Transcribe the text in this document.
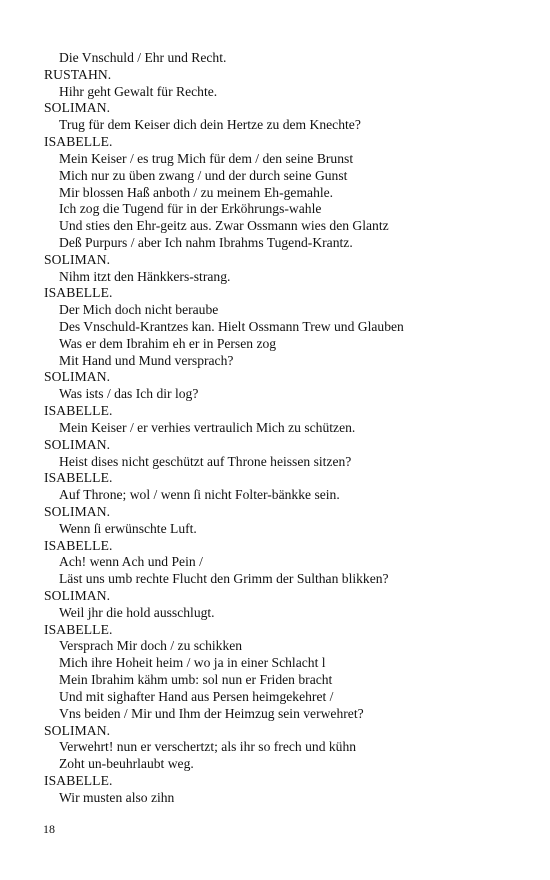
Die Vnschuld / Ehr und Recht.
RUSTAHN.
Hihr geht Gewalt für Rechte.
SOLIMAN.
Trug für dem Keiser dich dein Hertze zu dem Knechte?
ISABELLE.
Mein Keiser / es trug Mich für dem / den seine Brunst
Mich nur zu üben zwang / und der durch seine Gunst
Mir blossen Haß anboth / zu meinem Eh-gemahle.
Ich zog die Tugend für in der Erköhrungs-wahle
Und sties den Ehr-geitz aus. Zwar Ossmann wies den Glantz
Deß Purpurs / aber Ich nahm Ibrahms Tugend-Krantz.
SOLIMAN.
Nihm itzt den Hänkkers-strang.
ISABELLE.
Der Mich doch nicht beraube
Des Vnschuld-Krantzes kan. Hielt Ossmann Trew und Glauben
Was er dem Ibrahim eh er in Persen zog
Mit Hand und Mund versprach?
SOLIMAN.
Was ists / das Ich dir log?
ISABELLE.
Mein Keiser / er verhies vertraulich Mich zu schützen.
SOLIMAN.
Heist dises nicht geschützt auf Throne heissen sitzen?
ISABELLE.
Auf Throne; wol / wenn ſi nicht Folter-bänkke sein.
SOLIMAN.
Wenn ſi erwünschte Luft.
ISABELLE.
Ach! wenn Ach und Pein /
Läst uns umb rechte Flucht den Grimm der Sulthan blikken?
SOLIMAN.
Weil jhr die hold ausschlugt.
ISABELLE.
Versprach Mir doch / zu schikken
Mich ihre Hoheit heim / wo ja in einer Schlacht l
Mein Ibrahim kähm umb: sol nun er Friden bracht
Und mit sighafter Hand aus Persen heimgekehret /
Vns beiden / Mir und Ihm der Heimzug sein verwehret?
SOLIMAN.
Verwehrt! nun er verschertzt; als ihr so frech und kühn
Zoht un-beuhrlaubt weg.
ISABELLE.
Wir musten also zihn
18
